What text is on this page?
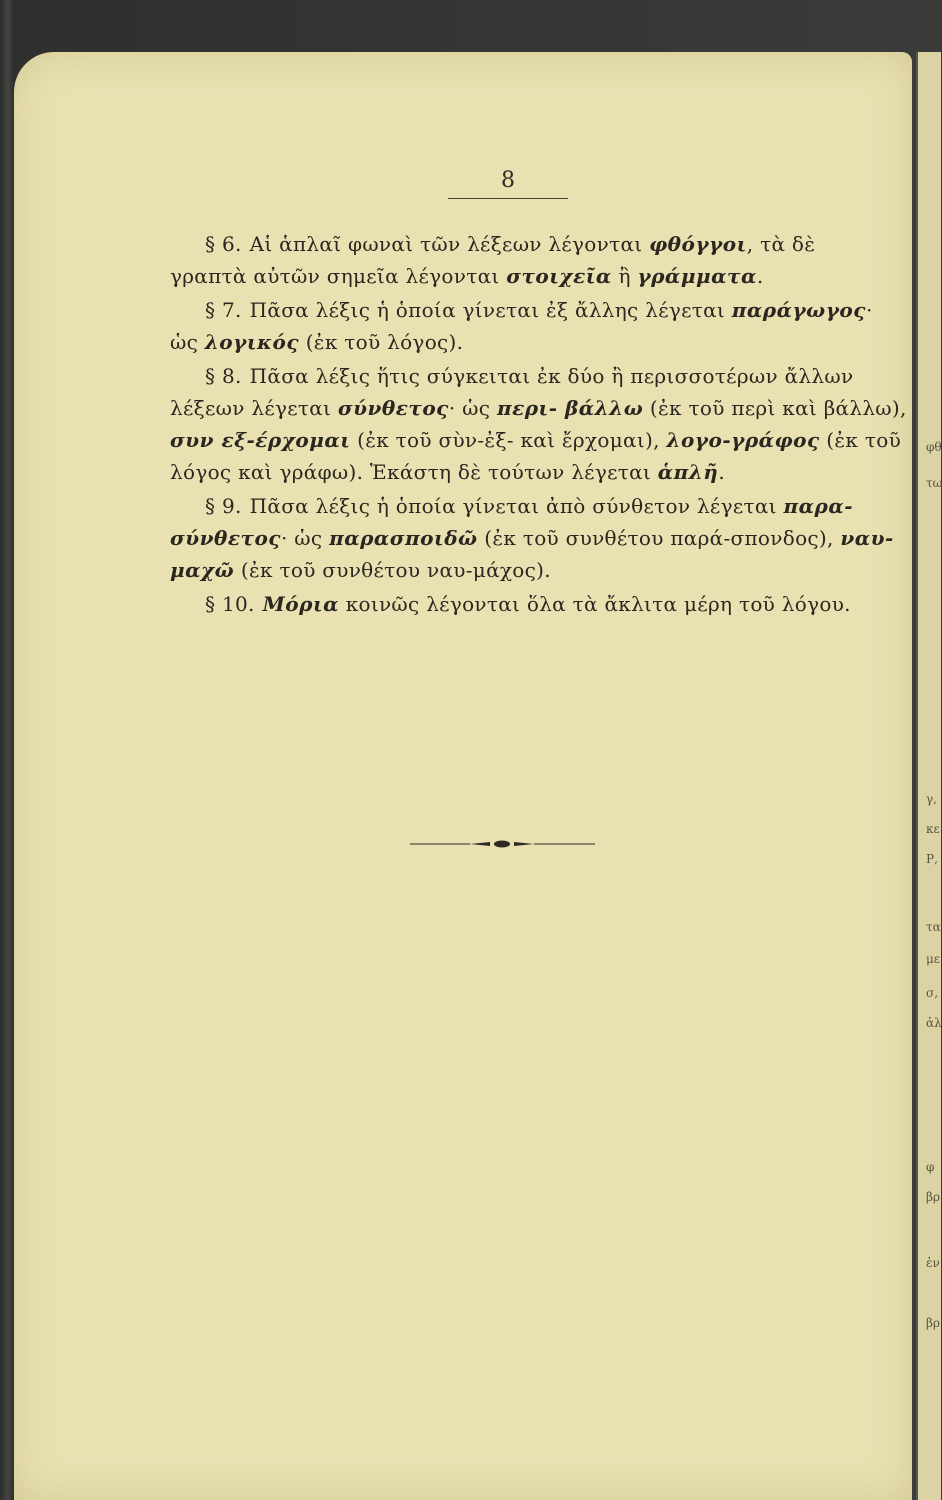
φθ
τω
γ,
κε
Ρ,
τα
με
σ,
ἀλ
φ
βρ
ἐν
βρ
8
§ 6. Αἱ ἁπλαῖ φωναὶ τῶν λέξεων λέγονται φθόγγοι, τὰ δὲ
γραπτὰ αὐτῶν σημεῖα λέγονται στοιχεῖα ἢ γράμματα.
§ 7. Πᾶσα λέξις ἡ ὁποία γίνεται ἐξ ἄλλης λέγεται παράγωγος·
ὡς λογικός (ἐκ τοῦ λόγος).
§ 8. Πᾶσα λέξις ἥτις σύγκειται ἐκ δύο ἢ περισσοτέρων ἄλλων
λέξεων λέγεται σύνθετος· ὡς περι- βάλλω (ἐκ τοῦ περὶ καὶ βάλλω),
συν εξ-έρχομαι (ἐκ τοῦ σὺν-ἐξ- καὶ ἔρχομαι), λογο-γράφος (ἐκ τοῦ
λόγος καὶ γράφω). Ἑκάστη δὲ τούτων λέγεται ἁπλῆ.
§ 9. Πᾶσα λέξις ἡ ὁποία γίνεται ἀπὸ σύνθετον λέγεται παρα-
σύνθετος· ὡς παρασποιδῶ (ἐκ τοῦ συνθέτου παρά-σπονδος), ναυ-
μαχῶ (ἐκ τοῦ συνθέτου ναυ-μάχος).
§ 10. Μόρια κοινῶς λέγονται ὅλα τὰ ἄκλιτα μέρη τοῦ λόγου.
